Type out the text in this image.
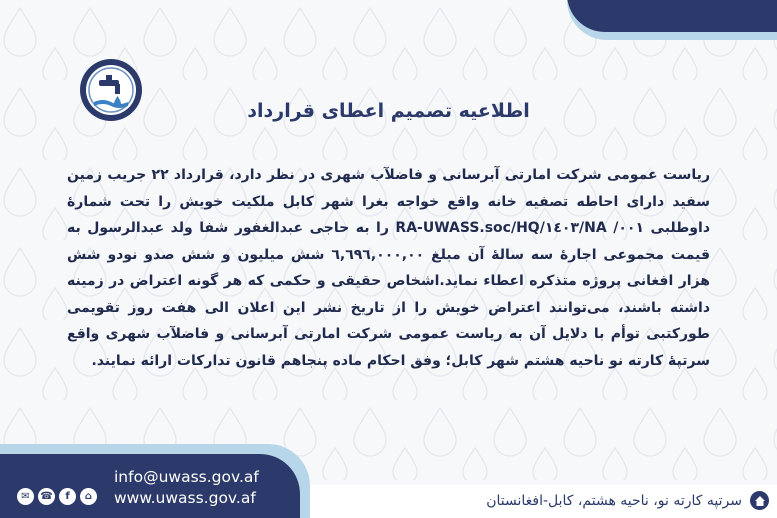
اطلاعیه تصمیم اعطای قرارداد
ریاست عمومی شرکت امارتی آبرسانی و فاضلآب شهری در نظر دارد، قرارداد ۲۲ جریب زمین سفید دارای احاطه تصفیه خانه واقع خواجه بغرا شهر کابل ملکیت خویش را تحت شمارۀ داوطلبی ٠٠١/ NA/١٤٠٣/RA-UWASS.soc/HQ را به حاجی عبدالغفور شفا ولد عبدالرسول به قیمت مجموعی اجارۀ سه سالۀ آن مبلغ ٦,٦٩٦,٠٠٠,٠٠ شش میلیون و شش صدو نودو شش هزار افغانی پروژه متذکره اعطاء نماید.اشخاص حقیقی و حکمی که هر گونه اعتراض در زمینه داشته باشند، می‌توانند اعتراض خویش را از تاریخ نشر این اعلان الی هفت روز تقویمی طورکتبی توأم با دلایل آن به ریاست عمومی شرکت امارتی آبرسانی و فاضلآب شهری واقع سرتپۀ کارته نو ناحیه هشتم شهر کابل؛ وفق احکام ماده پنجاهم قانون تدارکات ارائه نمایند.
✉	☎	f	⌂
info@uwass.gov.af
www.uwass.gov.af	سرتپه کارته نو، ناحیه هشتم، کابل-افغانستان
